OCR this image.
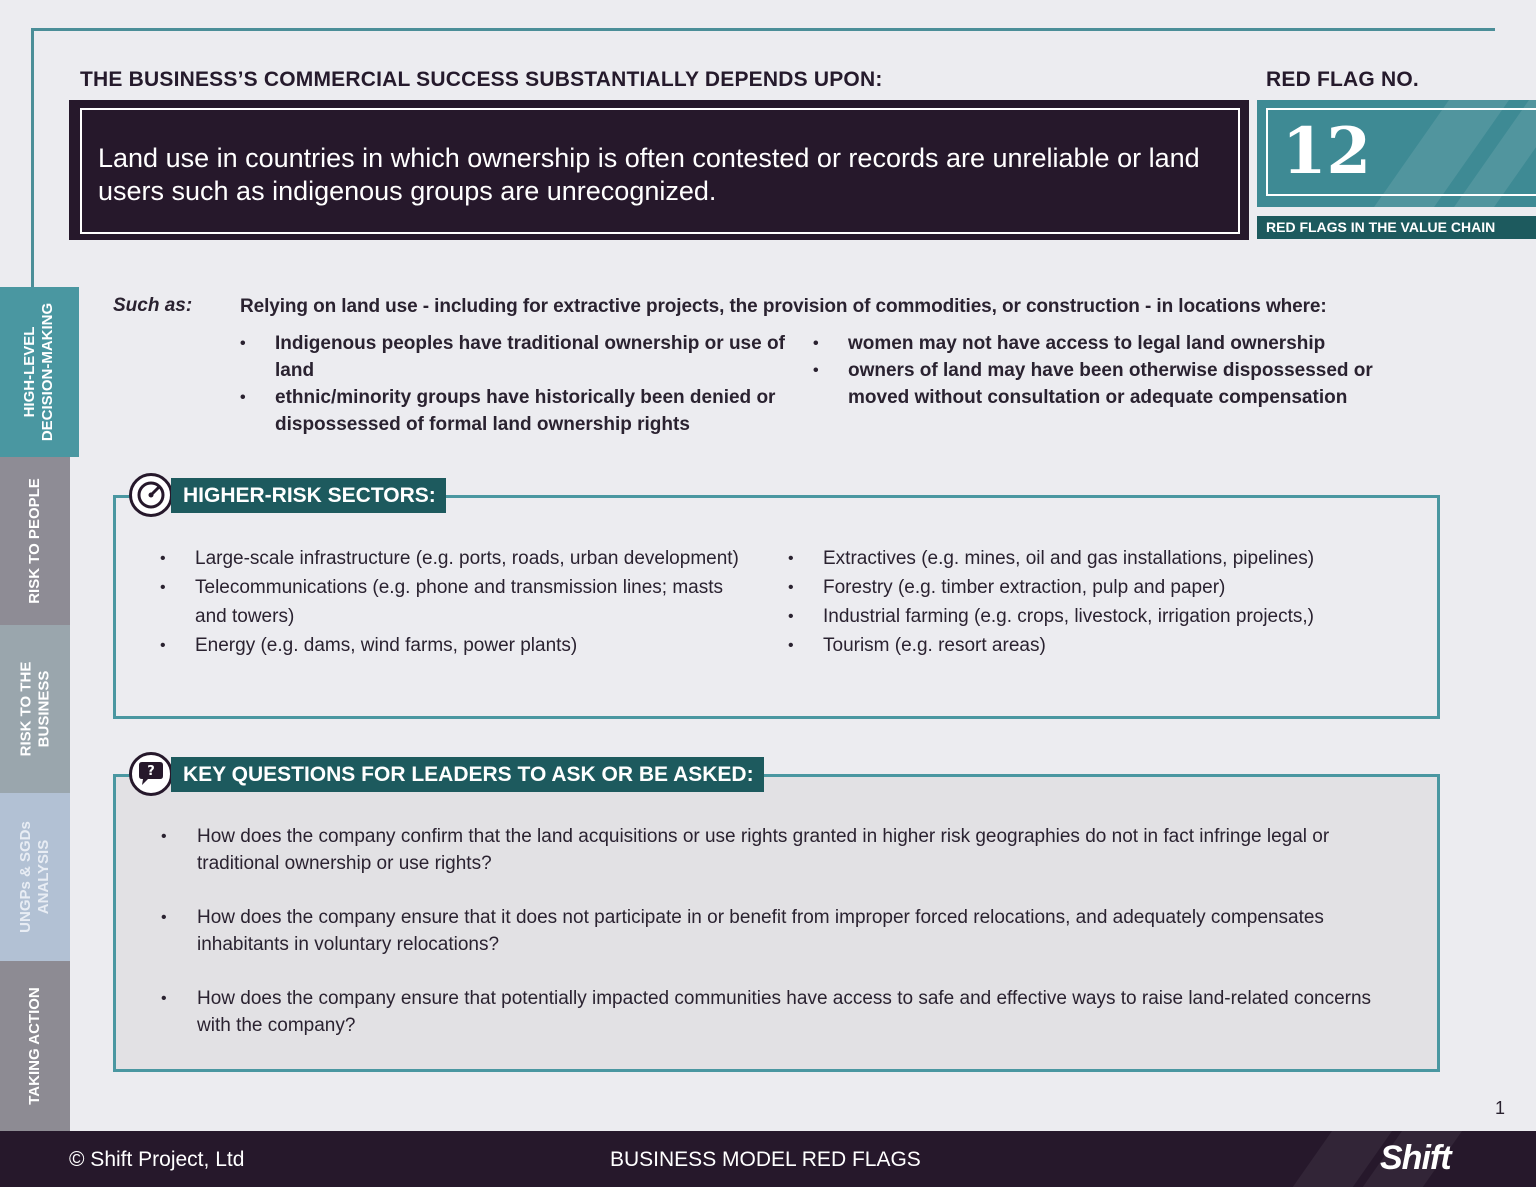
THE BUSINESS’S COMMERCIAL SUCCESS SUBSTANTIALLY DEPENDS UPON:	RED FLAG NO.
Land use in countries in which ownership is often contested or records are unreliable or land users such as indigenous groups are unrecognized.
12
RED FLAGS IN THE VALUE CHAIN
HIGH-LEVEL
DECISION-MAKING
RISK TO PEOPLE
RISK TO THE
BUSINESS
UNGPs & SGDs
ANALYSIS
TAKING ACTION
Such as:	Relying on land use - including for extractive projects, the provision of commodities, or construction - in locations where:
• Indigenous peoples have traditional ownership or use of land
• ethnic/minority groups have historically been denied or dispossessed of formal land ownership rights
• women may not have access to legal land ownership
• owners of land may have been otherwise dispossessed or moved without consultation or adequate compensation
HIGHER-RISK SECTORS:
• Large-scale infrastructure (e.g. ports, roads, urban development)
• Telecommunications (e.g. phone and transmission lines; masts and towers)
• Energy (e.g. dams, wind farms, power plants)
• Extractives (e.g. mines, oil and gas installations, pipelines)
• Forestry (e.g. timber extraction, pulp and paper)
• Industrial farming (e.g. crops, livestock, irrigation projects,)
• Tourism (e.g. resort areas)
?	KEY QUESTIONS FOR LEADERS TO ASK OR BE ASKED:
• How does the company confirm that the land acquisitions or use rights granted in higher risk geographies do not in fact infringe legal or traditional ownership or use rights?
• How does the company ensure that it does not participate in or benefit from improper forced relocations, and adequately compensates inhabitants in voluntary relocations?
• How does the company ensure that potentially impacted communities have access to safe and effective ways to raise land-related concerns with the company?
1
© Shift Project, Ltd	BUSINESS MODEL RED FLAGS	Shift
